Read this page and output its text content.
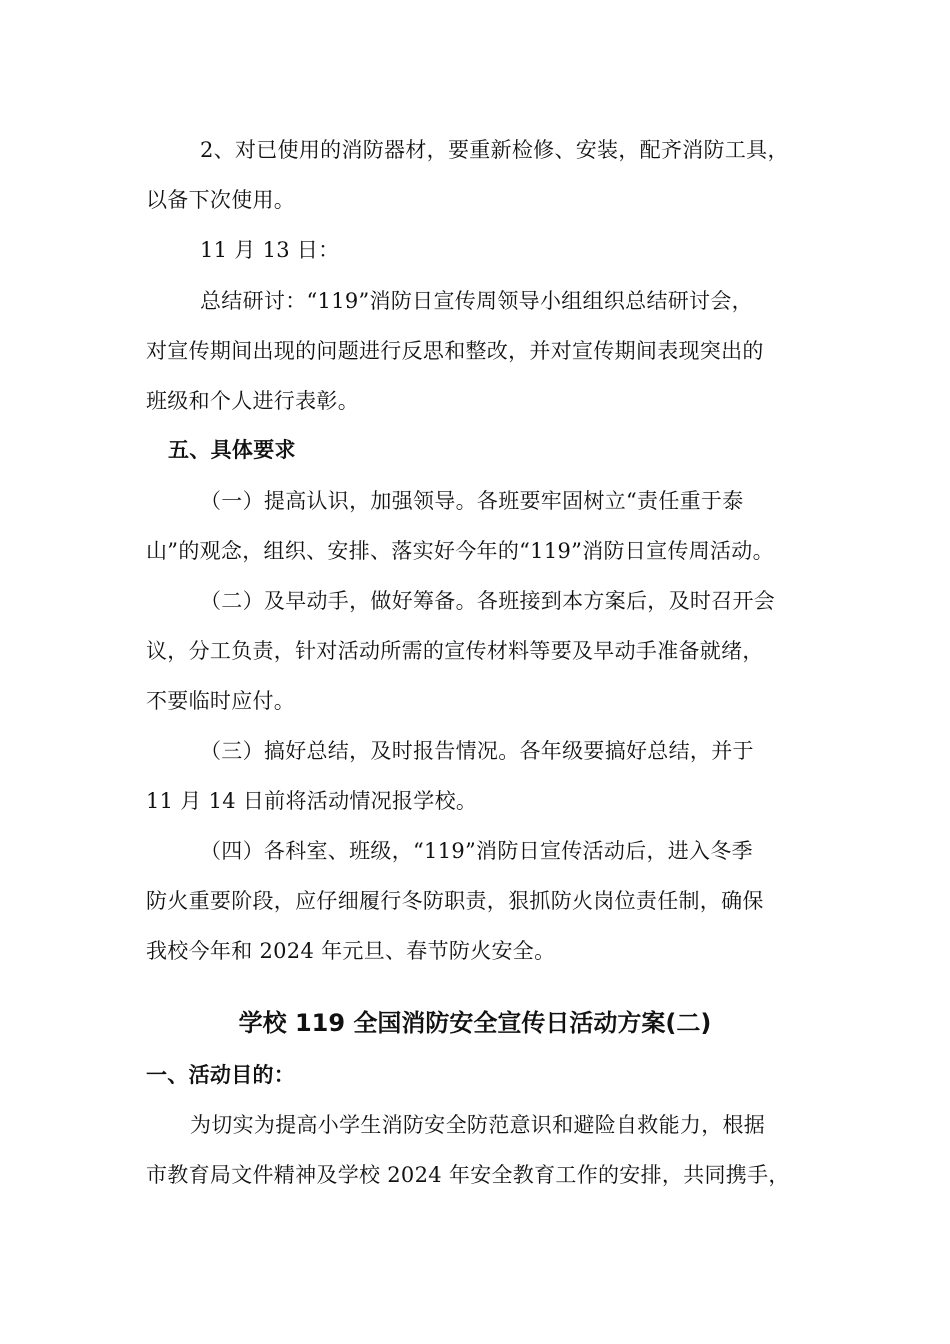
2、对已使用的消防器材，要重新检修、安装，配齐消防工具，

以备下次使用。

11 月 13 日：

总结研讨：“119”消防日宣传周领导小组组织总结研讨会，

对宣传期间出现的问题进行反思和整改，并对宣传期间表现突出的

班级和个人进行表彰。

五、具体要求

（一）提高认识，加强领导。各班要牢固树立“责任重于泰

山”的观念，组织、安排、落实好今年的“119”消防日宣传周活动。

（二）及早动手，做好筹备。各班接到本方案后，及时召开会

议，分工负责，针对活动所需的宣传材料等要及早动手准备就绪，

不要临时应付。

（三）搞好总结，及时报告情况。各年级要搞好总结，并于

11 月 14 日前将活动情况报学校。

（四）各科室、班级，“119”消防日宣传活动后，进入冬季

防火重要阶段，应仔细履行冬防职责，狠抓防火岗位责任制，确保

我校今年和 2024 年元旦、春节防火安全。

学校 119 全国消防安全宣传日活动方案(二)

一、活动目的：

为切实为提高小学生消防安全防范意识和避险自救能力，根据

市教育局文件精神及学校 2024 年安全教育工作的安排，共同携手，
